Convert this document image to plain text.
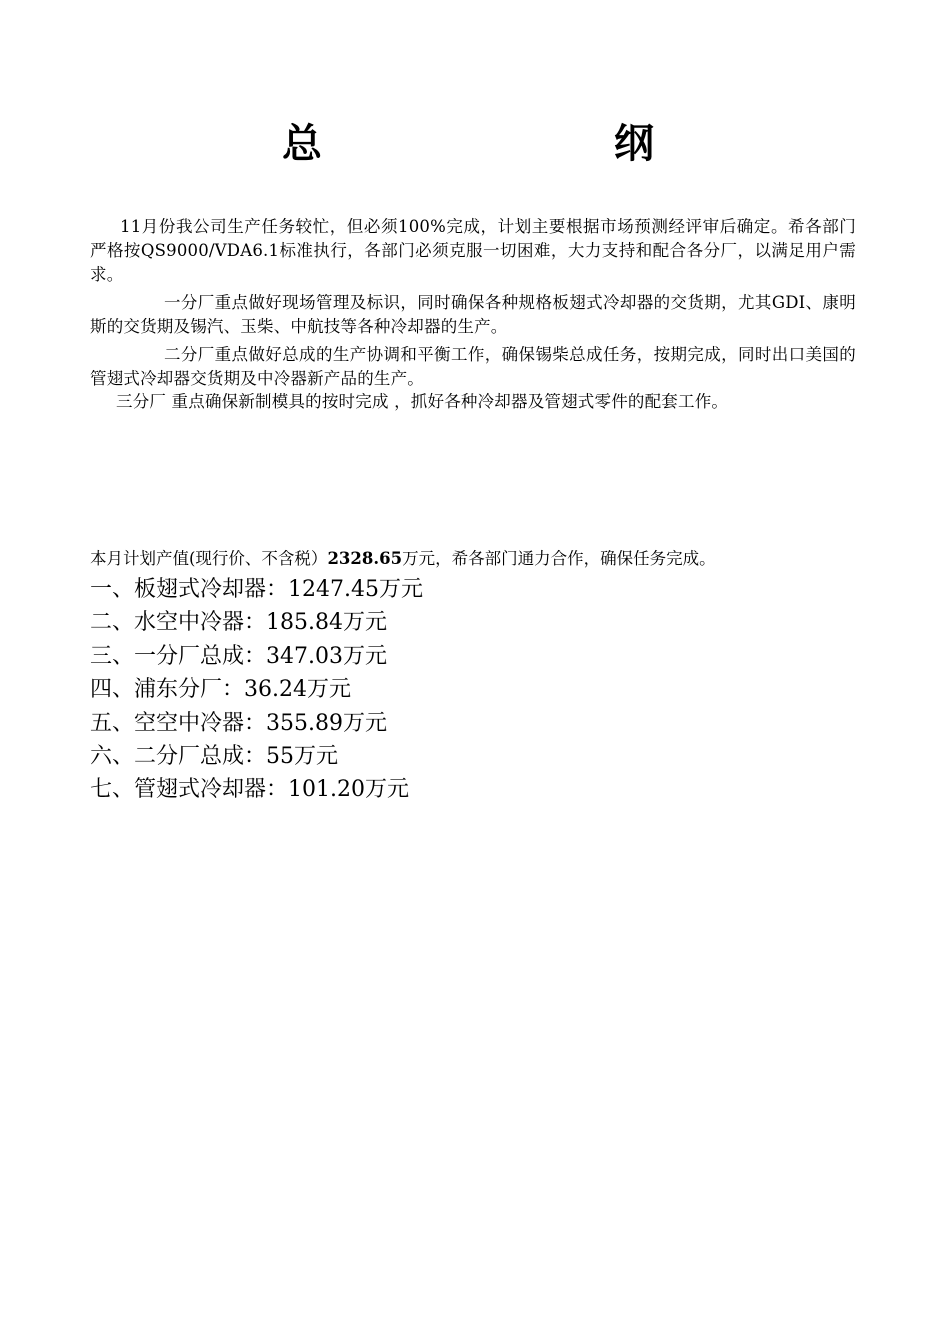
总	纲

11月份我公司生产任务较忙，但必须100%完成，计划主要根据市场预测经评审后确定。希各部门严格按QS9000/VDA6.1标准执行，各部门必须克服一切困难，大力支持和配合各分厂，以满足用户需求。

一分厂重点做好现场管理及标识，同时确保各种规格板翅式冷却器的交货期，尤其GDI、康明斯的交货期及锡汽、玉柴、中航技等各种冷却器的生产。

二分厂重点做好总成的生产协调和平衡工作，确保锡柴总成任务，按期完成，同时出口美国的管翅式冷却器交货期及中冷器新产品的生产。

三分厂 重点确保新制模具的按时完成 ，抓好各种冷却器及管翅式零件的配套工作。

本月计划产值(现行价、不含税）2328.65万元，希各部门通力合作，确保任务完成。

一、板翅式冷却器：1247.45万元
二、水空中冷器：185.84万元
三、一分厂总成：347.03万元
四、浦东分厂：36.24万元
五、空空中冷器：355.89万元
六、二分厂总成：55万元
七、管翅式冷却器：101.20万元
